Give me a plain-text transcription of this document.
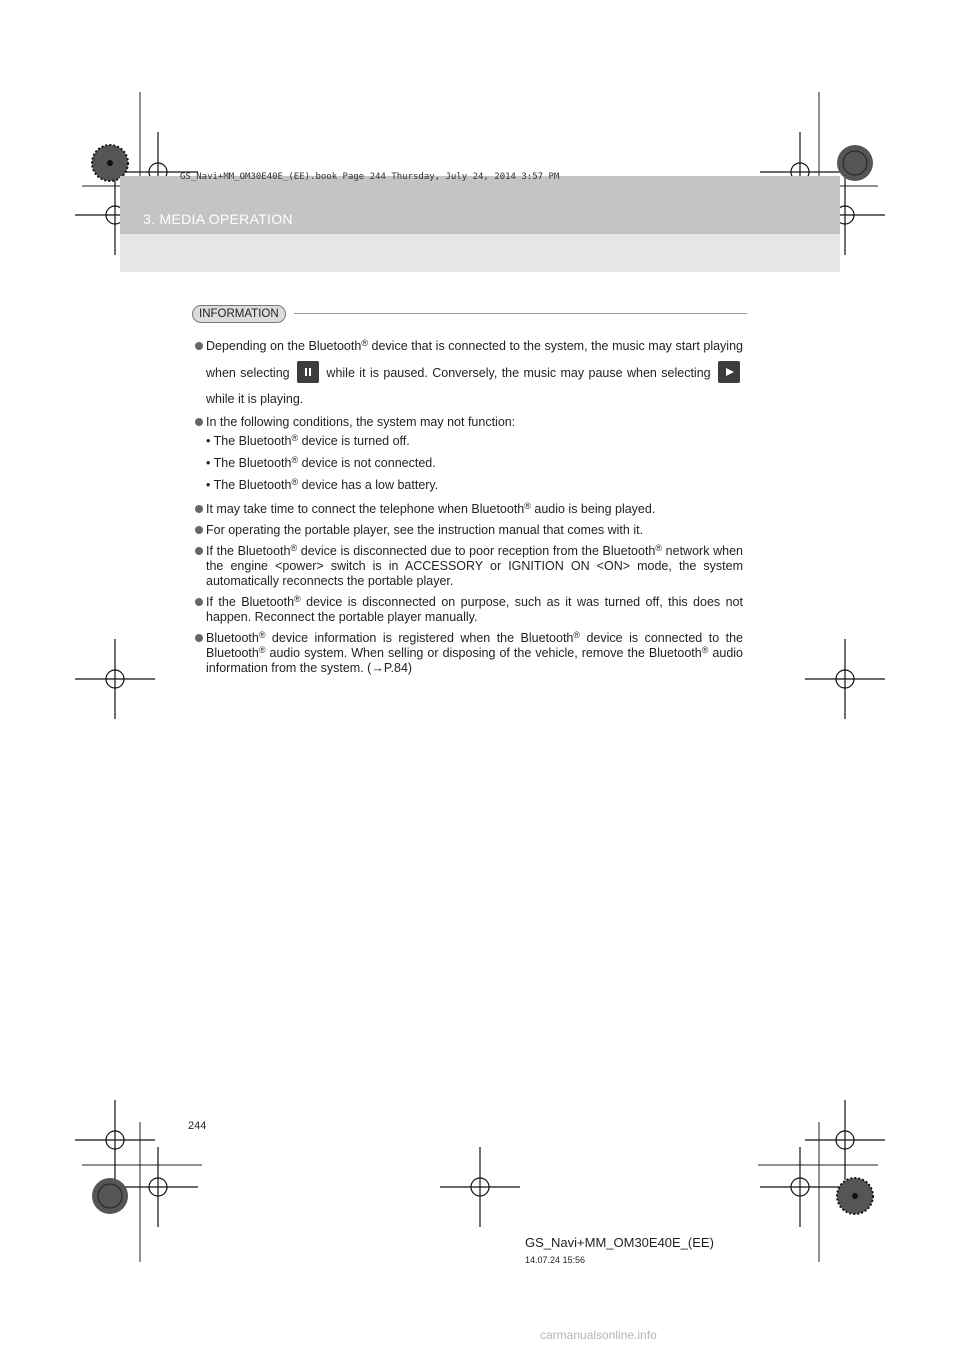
GS_Navi+MM_OM30E40E_(EE).book Page 244 Thursday, July 24, 2014 3:57 PM
3. MEDIA OPERATION
INFORMATION
Depending on the Bluetooth® device that is connected to the system, the music may start playing when selecting  while it is paused. Conversely, the music may pause when selecting  while it is playing.
In the following conditions, the system may not function:
• The Bluetooth® device is turned off.
• The Bluetooth® device is not connected.
• The Bluetooth® device has a low battery.
It may take time to connect the telephone when Bluetooth® audio is being played.
For operating the portable player, see the instruction manual that comes with it.
If the Bluetooth® device is disconnected due to poor reception from the Bluetooth® network when the engine <power> switch is in ACCESSORY or IGNITION ON <ON> mode, the system automatically reconnects the portable player.
If the Bluetooth® device is disconnected on purpose, such as it was turned off, this does not happen. Reconnect the portable player manually.
Bluetooth® device information is registered when the Bluetooth® device is connected to the Bluetooth® audio system. When selling or disposing of the vehicle, remove the Bluetooth® audio information from the system. (→P.84)
244
GS_Navi+MM_OM30E40E_(EE)
14.07.24 15:56
carmanualsonline.info
